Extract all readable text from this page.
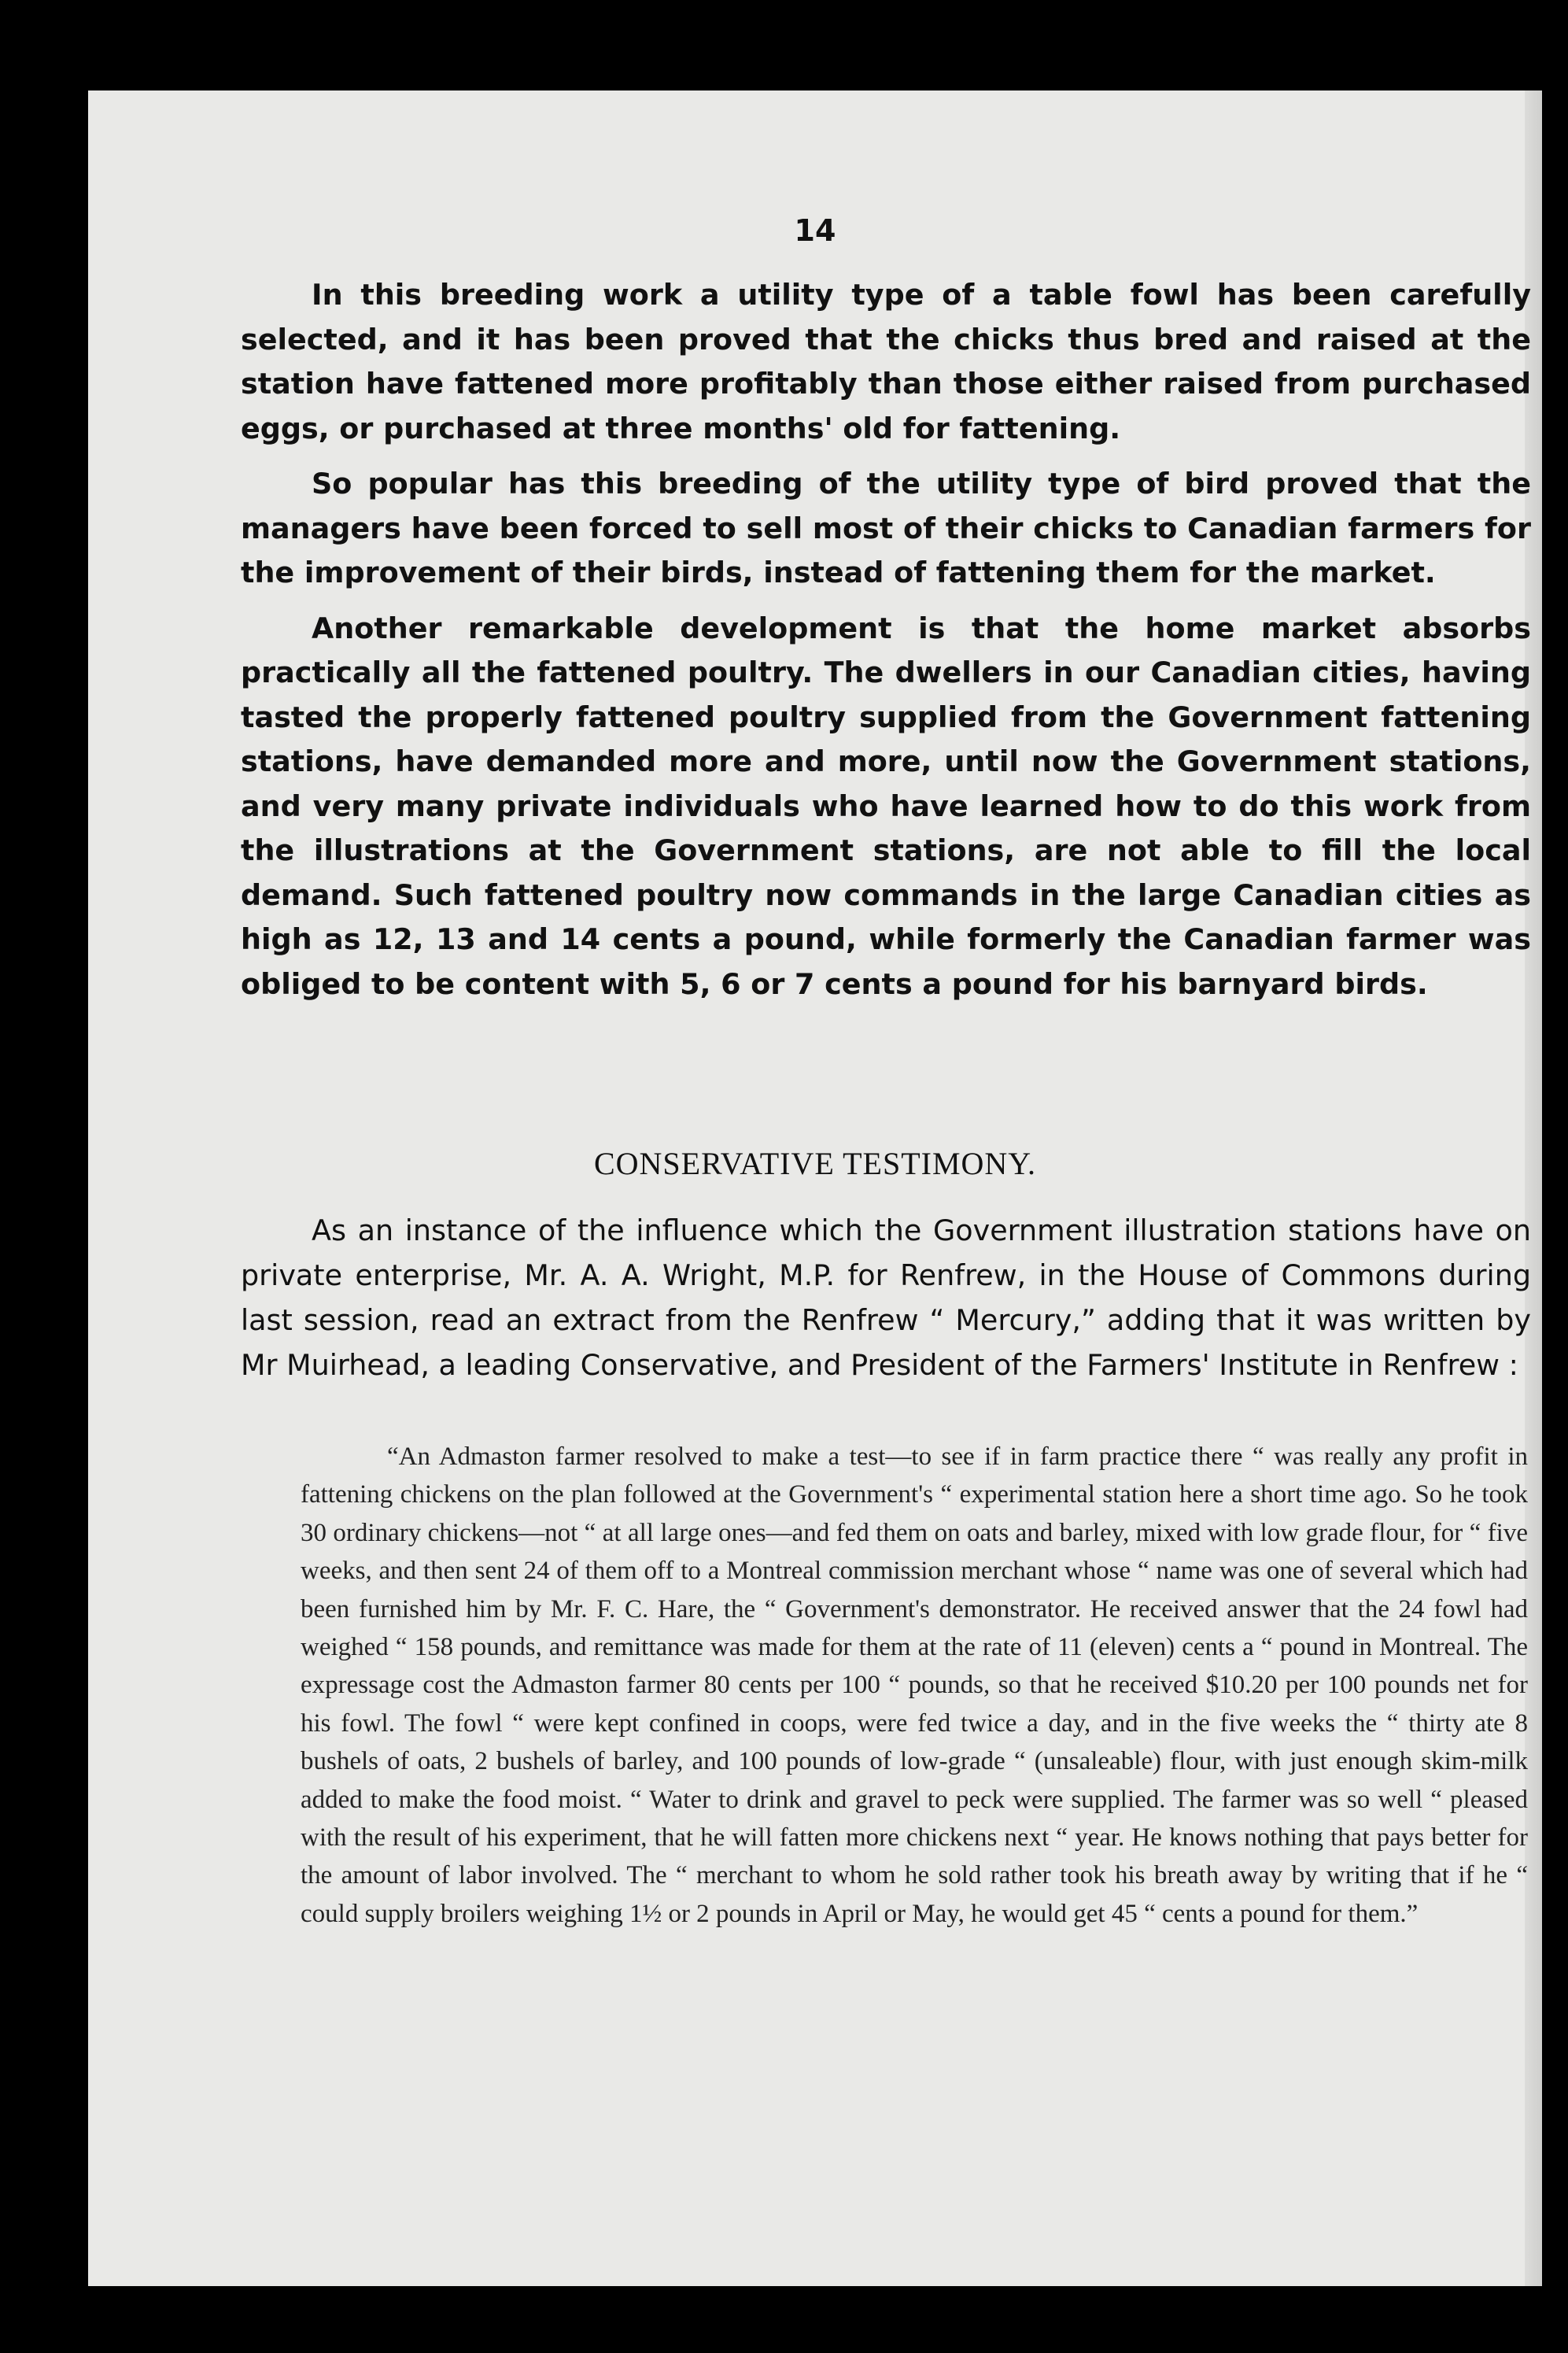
14

In this breeding work a utility type of a table fowl has been carefully selected, and it has been proved that the chicks thus bred and raised at the station have fattened more profitably than those either raised from purchased eggs, or purchased at three months' old for fattening.

So popular has this breeding of the utility type of bird proved that the managers have been forced to sell most of their chicks to Canadian farmers for the improvement of their birds, instead of fattening them for the market.

Another remarkable development is that the home market absorbs practically all the fattened poultry. The dwellers in our Canadian cities, having tasted the properly fattened poultry supplied from the Government fattening stations, have demanded more and more, until now the Government stations, and very many private individuals who have learned how to do this work from the illustrations at the Government stations, are not able to fill the local demand. Such fattened poultry now commands in the large Canadian cities as high as 12, 13 and 14 cents a pound, while formerly the Canadian farmer was obliged to be content with 5, 6 or 7 cents a pound for his barnyard birds.

CONSERVATIVE TESTIMONY.

As an instance of the influence which the Government illustration stations have on private enterprise, Mr. A. A. Wright, M.P. for Renfrew, in the House of Commons during last session, read an extract from the Renfrew “ Mercury,” adding that it was written by Mr Muirhead, a leading Conservative, and President of the Farmers' Institute in Renfrew :

“An Admaston farmer resolved to make a test—to see if in farm practice there “ was really any profit in fattening chickens on the plan followed at the Government's “ experimental station here a short time ago. So he took 30 ordinary chickens—not “ at all large ones—and fed them on oats and barley, mixed with low grade flour, for “ five weeks, and then sent 24 of them off to a Montreal commission merchant whose “ name was one of several which had been furnished him by Mr. F. C. Hare, the “ Government's demonstrator. He received answer that the 24 fowl had weighed “ 158 pounds, and remittance was made for them at the rate of 11 (eleven) cents a “ pound in Montreal. The expressage cost the Admaston farmer 80 cents per 100 “ pounds, so that he received $10.20 per 100 pounds net for his fowl. The fowl “ were kept confined in coops, were fed twice a day, and in the five weeks the “ thirty ate 8 bushels of oats, 2 bushels of barley, and 100 pounds of low-grade “ (unsaleable) flour, with just enough skim-milk added to make the food moist. “ Water to drink and gravel to peck were supplied. The farmer was so well “ pleased with the result of his experiment, that he will fatten more chickens next “ year. He knows nothing that pays better for the amount of labor involved. The “ merchant to whom he sold rather took his breath away by writing that if he “ could supply broilers weighing 1½ or 2 pounds in April or May, he would get 45 “ cents a pound for them.”
